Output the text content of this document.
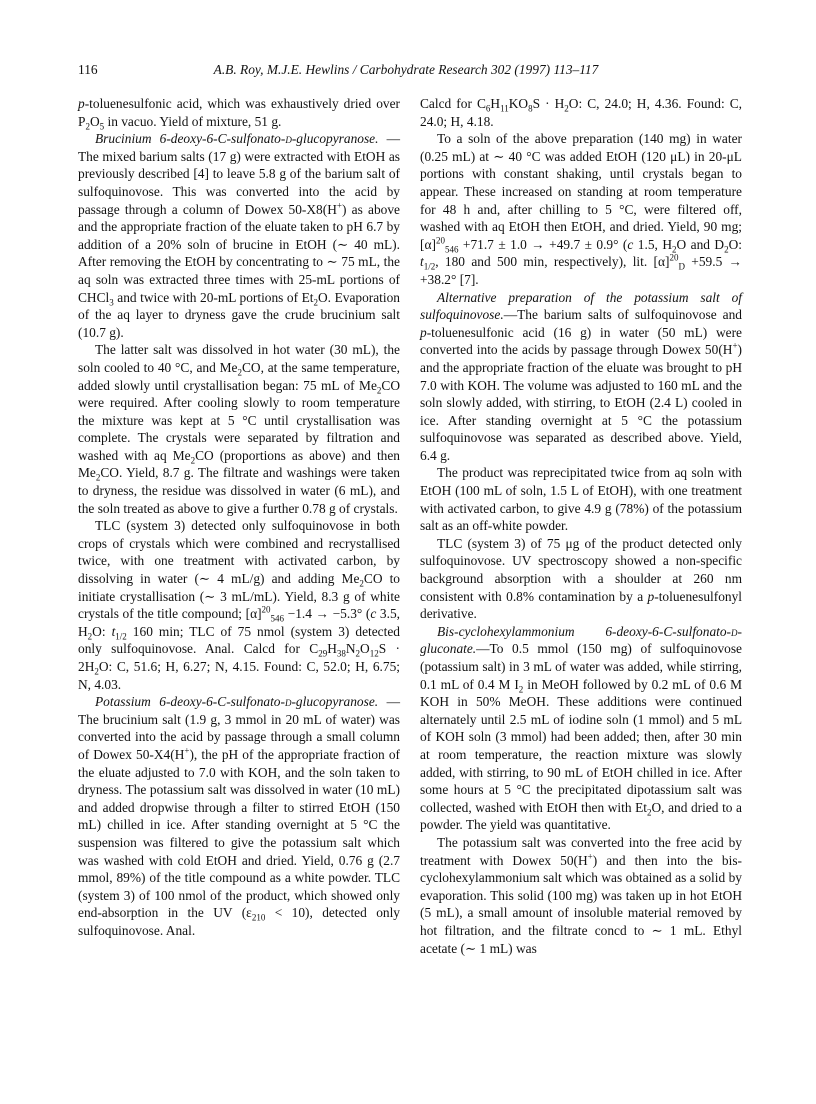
116	A.B. Roy, M.J.E. Hewlins / Carbohydrate Research 302 (1997) 113–117

p-toluenesulfonic acid, which was exhaustively dried over $P_2O_5$ in vacuo. Yield of mixture, 51 g.

Brucinium 6-deoxy-6-C-sulfonato-d-glucopyranose. —The mixed barium salts (17 g) were extracted with EtOH as previously described [4] to leave 5.8 g of the barium salt of sulfoquinovose. This was converted into the acid by passage through a column of Dowex 50-X8(H+) as above and the appropriate fraction of the eluate taken to pH 6.7 by addition of a 20% soln of brucine in EtOH (∼ 40 mL). After removing the EtOH by concentrating to ∼ 75 mL, the aq soln was extracted three times with 25-mL portions of CHCl$_3$ and twice with 20-mL portions of $Et_2O$. Evaporation of the aq layer to dryness gave the crude brucinium salt (10.7 g).

The latter salt was dissolved in hot water (30 mL), the soln cooled to 40 °C, and $Me_2CO$, at the same temperature, added slowly until crystallisation began: 75 mL of $Me_2CO$ were required. After cooling slowly to room temperature the mixture was kept at 5 °C until crystallisation was complete. The crystals were separated by filtration and washed with aq $Me_2CO$ (proportions as above) and then $Me_2CO$. Yield, 8.7 g. The filtrate and washings were taken to dryness, the residue was dissolved in water (6 mL), and the soln treated as above to give a further 0.78 g of crystals.

TLC (system 3) detected only sulfoquinovose in both crops of crystals which were combined and recrystallised twice, with one treatment with activated carbon, by dissolving in water (∼ 4 mL/g) and adding $Me_2CO$ to initiate crystallisation (∼ 3 mL/mL). Yield, 8.3 g of white crystals of the title compound; $[\alpha]^{20}_{546} -1.4 \to -5.3^\circ$ (c 3.5, $H_2O$: $t_{1/2}$ 160 min; TLC of 75 nmol (system 3) detected only sulfoquinovose. Anal. Calcd for $C_{29}H_{38}N_2O_{12}S \cdot 2H_2O$: C, 51.6; H, 6.27; N, 4.15. Found: C, 52.0; H, 6.75; N, 4.03.

Potassium 6-deoxy-6-C-sulfonato-d-glucopyranose. —The brucinium salt (1.9 g, 3 mmol in 20 mL of water) was converted into the acid by passage through a small column of Dowex 50-X4(H+), the pH of the appropriate fraction of the eluate adjusted to 7.0 with KOH, and the soln taken to dryness. The potassium salt was dissolved in water (10 mL) and added dropwise through a filter to stirred EtOH (150 mL) chilled in ice. After standing overnight at 5 °C the suspension was filtered to give the potassium salt which was washed with cold EtOH and dried. Yield, 0.76 g (2.7 mmol, 89%) of the title compound as a white powder. TLC (system 3) of 100 nmol of the product, which showed only end-absorption in the UV $(\varepsilon_{210} < 10)$, detected only sulfoquinovose. Anal.

Calcd for $C_6H_{11}KO_8S \cdot H_2O$: C, 24.0; H, 4.36. Found: C, 24.0; H, 4.18.

To a soln of the above preparation (140 mg) in water (0.25 mL) at ∼ 40 °C was added EtOH (120 μL) in 20-μL portions with constant shaking, until crystals began to appear. These increased on standing at room temperature for 48 h and, after chilling to 5 °C, were filtered off, washed with aq EtOH then EtOH, and dried. Yield, 90 mg; $[\alpha]^{20}_{546} +71.7 \pm 1.0 \to +49.7 \pm 0.9^\circ$ (c 1.5, $H_2O$ and $D_2O$: $t_{1/2}$, 180 and 500 min, respectively), lit. $[\alpha]^{20}_D +59.5 \to +38.2^\circ$ [7].

Alternative preparation of the potassium salt of sulfoquinovose.—The barium salts of sulfoquinovose and p-toluenesulfonic acid (16 g) in water (50 mL) were converted into the acids by passage through Dowex 50(H+) and the appropriate fraction of the eluate was brought to pH 7.0 with KOH. The volume was adjusted to 160 mL and the soln slowly added, with stirring, to EtOH (2.4 L) cooled in ice. After standing overnight at 5 °C the potassium sulfoquinovose was separated as described above. Yield, 6.4 g.

The product was reprecipitated twice from aq soln with EtOH (100 mL of soln, 1.5 L of EtOH), with one treatment with activated carbon, to give 4.9 g (78%) of the potassium salt as an off-white powder.

TLC (system 3) of 75 μg of the product detected only sulfoquinovose. UV spectroscopy showed a non-specific background absorption with a shoulder at 260 nm consistent with 0.8% contamination by a p-toluenesulfonyl derivative.

Bis-cyclohexylammonium 6-deoxy-6-C-sulfonato-d-gluconate.—To 0.5 mmol (150 mg) of sulfoquinovose (potassium salt) in 3 mL of water was added, while stirring, 0.1 mL of 0.4 M $I_2$ in MeOH followed by 0.2 mL of 0.6 M KOH in 50% MeOH. These additions were continued alternately until 2.5 mL of iodine soln (1 mmol) and 5 mL of KOH soln (3 mmol) had been added; then, after 30 min at room temperature, the reaction mixture was slowly added, with stirring, to 90 mL of EtOH chilled in ice. After some hours at 5 °C the precipitated dipotassium salt was collected, washed with EtOH then with $Et_2O$, and dried to a powder. The yield was quantitative.

The potassium salt was converted into the free acid by treatment with Dowex 50(H+) and then into the bis-cyclohexylammonium salt which was obtained as a solid by evaporation. This solid (100 mg) was taken up in hot EtOH (5 mL), a small amount of insoluble material removed by hot filtration, and the filtrate concd to ∼ 1 mL. Ethyl acetate (∼ 1 mL) was
